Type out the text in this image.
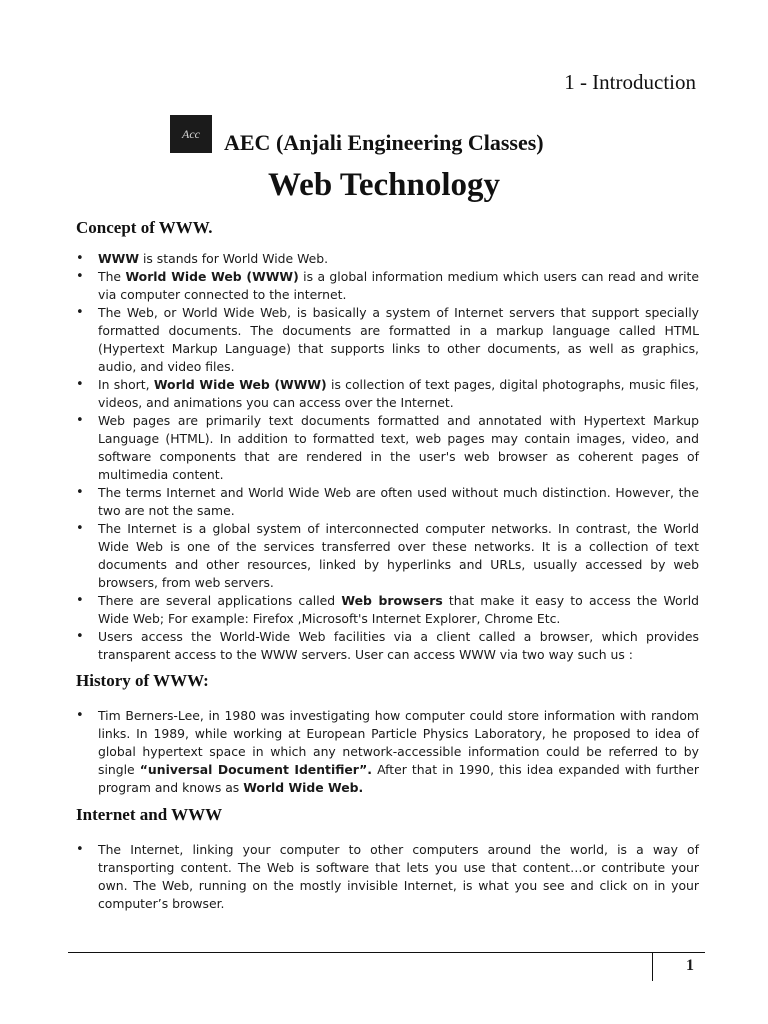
1 - Introduction
Acc AEC (Anjali Engineering Classes)
Web Technology
Concept of WWW.
• WWW is stands for World Wide Web.
• The World Wide Web (WWW) is a global information medium which users can read and write via computer connected to the internet.
• The Web, or World Wide Web, is basically a system of Internet servers that support specially formatted documents. The documents are formatted in a markup language called HTML (Hypertext Markup Language) that supports links to other documents, as well as graphics, audio, and video files.
• In short, World Wide Web (WWW) is collection of text pages, digital photographs, music files, videos, and animations you can access over the Internet.
• Web pages are primarily text documents formatted and annotated with Hypertext Markup Language (HTML). In addition to formatted text, web pages may contain images, video, and software components that are rendered in the user's web browser as coherent pages of multimedia content.
• The terms Internet and World Wide Web are often used without much distinction. However, the two are not the same.
• The Internet is a global system of interconnected computer networks. In contrast, the World Wide Web is one of the services transferred over these networks. It is a collection of text documents and other resources, linked by hyperlinks and URLs, usually accessed by web browsers, from web servers.
• There are several applications called Web browsers that make it easy to access the World Wide Web; For example: Firefox ,Microsoft's Internet Explorer, Chrome Etc.
• Users access the World-Wide Web facilities via a client called a browser, which provides transparent access to the WWW servers. User can access WWW via two way such us :
History of WWW:
• Tim Berners-Lee, in 1980 was investigating how computer could store information with random links. In 1989, while working at European Particle Physics Laboratory, he proposed to idea of global hypertext space in which any network-accessible information could be referred to by single “universal Document Identifier”. After that in 1990, this idea expanded with further program and knows as World Wide Web.
Internet and WWW
• The Internet, linking your computer to other computers around the world, is a way of transporting content. The Web is software that lets you use that content…or contribute your own. The Web, running on the mostly invisible Internet, is what you see and click on in your computer’s browser.
1
